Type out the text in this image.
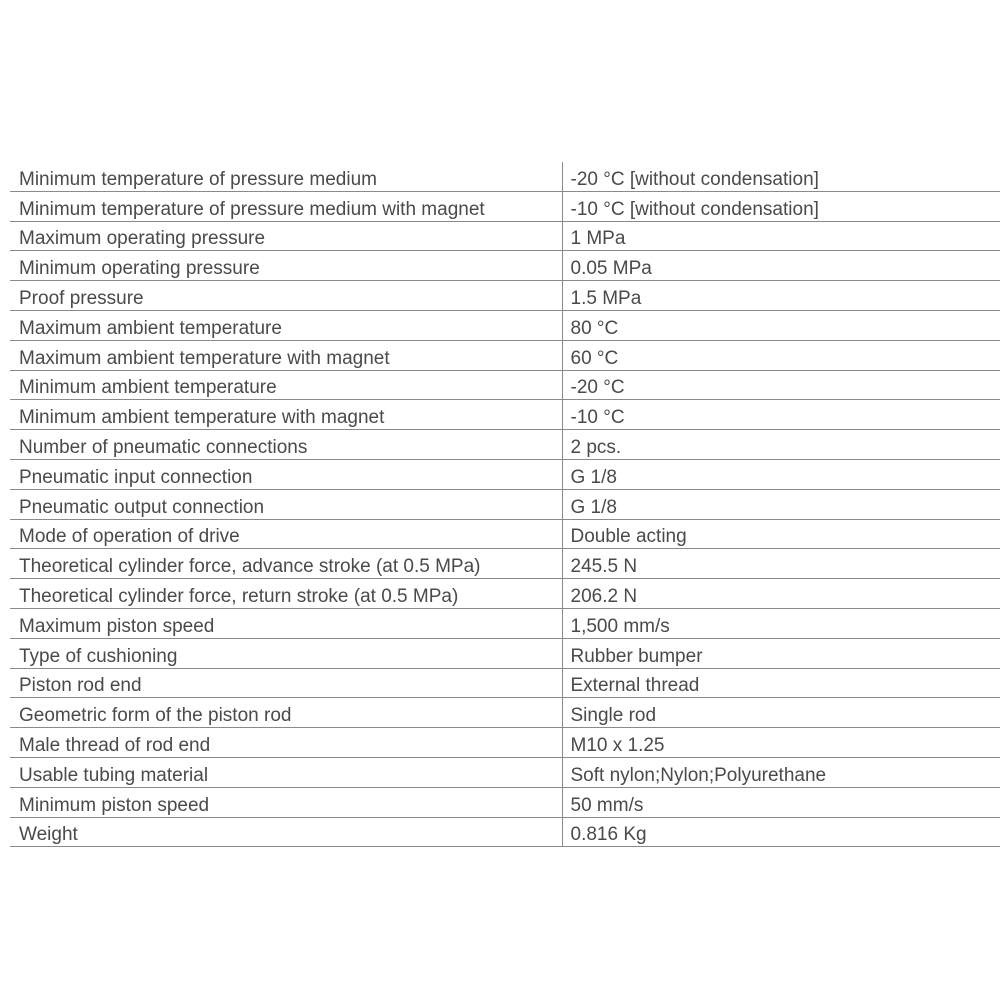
Minimum temperature of pressure medium	-20 °C [without condensation]
Minimum temperature of pressure medium with magnet	-10 °C [without condensation]
Maximum operating pressure	1 MPa
Minimum operating pressure	0.05 MPa
Proof pressure	1.5 MPa
Maximum ambient temperature	80 °C
Maximum ambient temperature with magnet	60 °C
Minimum ambient temperature	-20 °C
Minimum ambient temperature with magnet	-10 °C
Number of pneumatic connections	2 pcs.
Pneumatic input connection	G 1/8
Pneumatic output connection	G 1/8
Mode of operation of drive	Double acting
Theoretical cylinder force, advance stroke (at 0.5 MPa)	245.5 N
Theoretical cylinder force, return stroke (at 0.5 MPa)	206.2 N
Maximum piston speed	1,500 mm/s
Type of cushioning	Rubber bumper
Piston rod end	External thread
Geometric form of the piston rod	Single rod
Male thread of rod end	M10 x 1.25
Usable tubing material	Soft nylon;Nylon;Polyurethane
Minimum piston speed	50 mm/s
Weight	0.816 Kg
